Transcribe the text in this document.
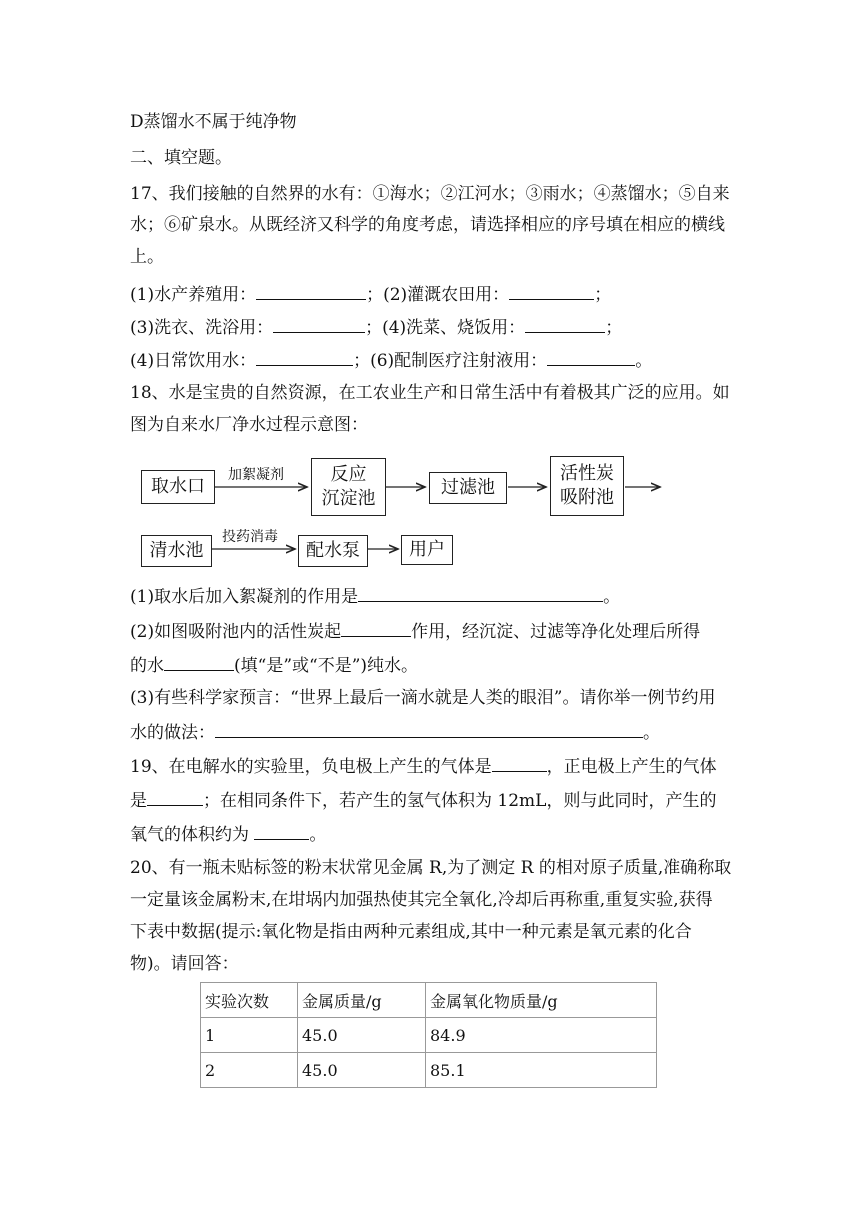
D蒸馏水不属于纯净物
二、填空题。
17、我们接触的自然界的水有：①海水；②江河水；③雨水；④蒸馏水；⑤自来
水；⑥矿泉水。从既经济又科学的角度考虑，请选择相应的序号填在相应的横线
上。
(1)水产养殖用：	；(2)灌溉农田用：	；
(3)洗衣、洗浴用：	；(4)洗菜、烧饭用：	；
(4)日常饮用水：	；(6)配制医疗注射液用：	。
18、水是宝贵的自然资源，在工农业生产和日常生活中有着极其广泛的应用。如
图为自来水厂净水过程示意图：
取水口
加絮凝剂	反应
沉淀池
过滤池
活性炭
吸附池
清水池
投药消毒
配水泵	用户
(1)取水后加入絮凝剂的作用是	。
(2)如图吸附池内的活性炭起	作用，经沉淀、过滤等净化处理后所得
的水	(填“是”或“不是”)纯水。
(3)有些科学家预言：“世界上最后一滴水就是人类的眼泪”。请你举一例节约用
水的做法：	。
19、在电解水的实验里，负电极上产生的气体是	，正电极上产生的气体
是	；在相同条件下，若产生的氢气体积为 12mL，则与此同时，产生的
氧气的体积约为	。
20、有一瓶未贴标签的粉末状常见金属 R,为了测定 R 的相对原子质量,准确称取
一定量该金属粉末,在坩埚内加强热使其完全氧化,冷却后再称重,重复实验,获得
下表中数据(提示:氧化物是指由两种元素组成,其中一种元素是氧元素的化合
物)。请回答：
实验次数	金属质量/g	金属氧化物质量/g
1	45.0	84.9
2	45.0	85.1
